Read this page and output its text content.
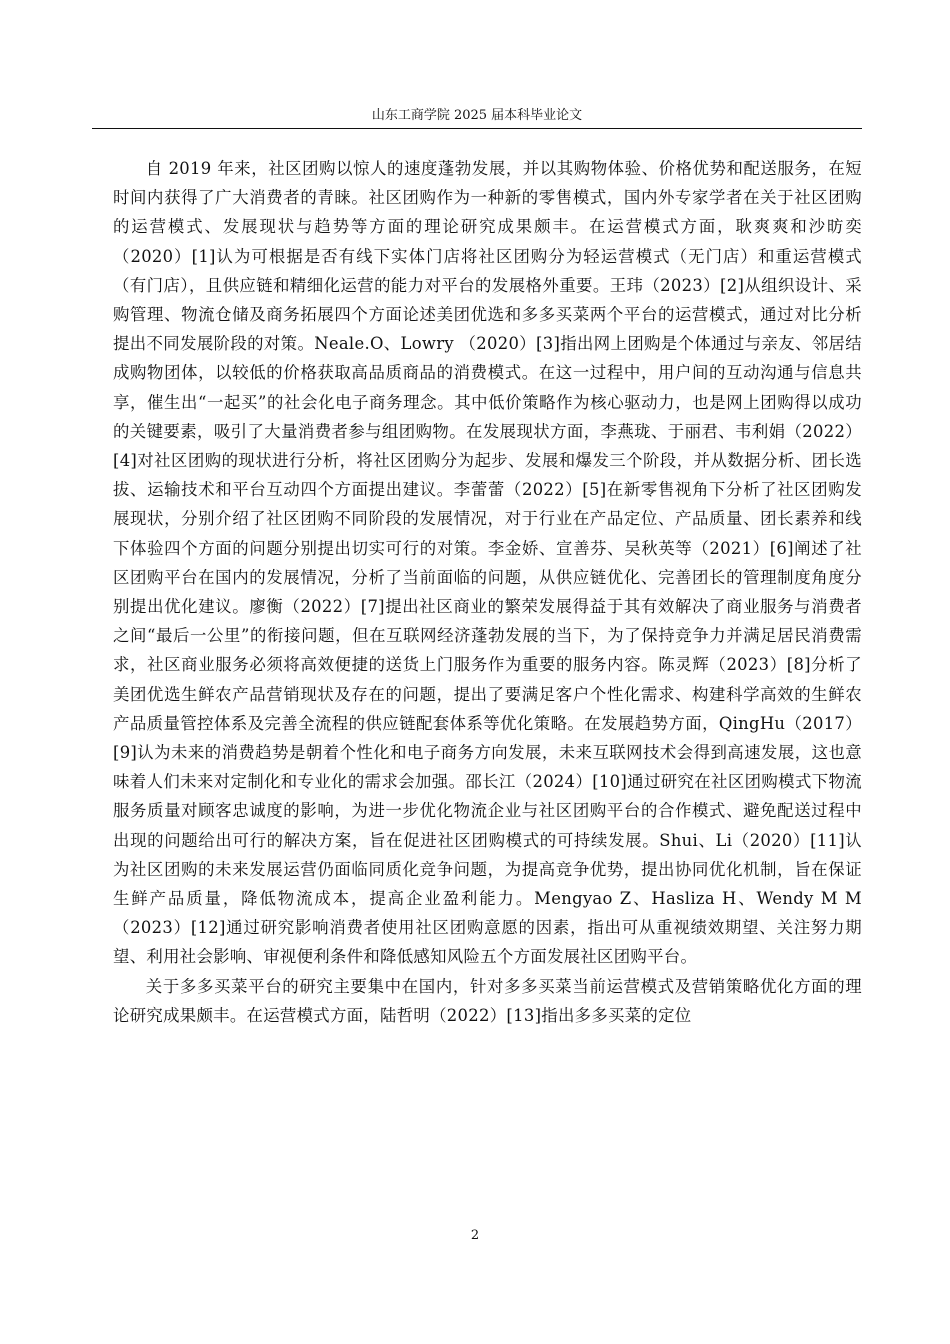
山东工商学院 2025 届本科毕业论文

自 2019 年来，社区团购以惊人的速度蓬勃发展，并以其购物体验、价格优势和配送服务，在短时间内获得了广大消费者的青睐。社区团购作为一种新的零售模式，国内外专家学者在关于社区团购的运营模式、发展现状与趋势等方面的理论研究成果颇丰。在运营模式方面，耿爽爽和沙昉奕（2020）[1]认为可根据是否有线下实体门店将社区团购分为轻运营模式（无门店）和重运营模式（有门店），且供应链和精细化运营的能力对平台的发展格外重要。王玮（2023）[2]从组织设计、采购管理、物流仓储及商务拓展四个方面论述美团优选和多多买菜两个平台的运营模式，通过对比分析提出不同发展阶段的对策。Neale.O、Lowry （2020）[3]指出网上团购是个体通过与亲友、邻居结成购物团体，以较低的价格获取高品质商品的消费模式。在这一过程中，用户间的互动沟通与信息共享，催生出“一起买”的社会化电子商务理念。其中低价策略作为核心驱动力，也是网上团购得以成功的关键要素，吸引了大量消费者参与组团购物。在发展现状方面，李燕珑、于丽君、韦利娟（2022）[4]对社区团购的现状进行分析，将社区团购分为起步、发展和爆发三个阶段，并从数据分析、团长选拔、运输技术和平台互动四个方面提出建议。李蕾蕾（2022）[5]在新零售视角下分析了社区团购发展现状，分别介绍了社区团购不同阶段的发展情况，对于行业在产品定位、产品质量、团长素养和线下体验四个方面的问题分别提出切实可行的对策。李金娇、宣善芬、吴秋英等（2021）[6]阐述了社区团购平台在国内的发展情况，分析了当前面临的问题，从供应链优化、完善团长的管理制度角度分别提出优化建议。廖衡（2022）[7]提出社区商业的繁荣发展得益于其有效解决了商业服务与消费者之间“最后一公里”的衔接问题，但在互联网经济蓬勃发展的当下，为了保持竞争力并满足居民消费需求，社区商业服务必须将高效便捷的送货上门服务作为重要的服务内容。陈灵辉（2023）[8]分析了美团优选生鲜农产品营销现状及存在的问题，提出了要满足客户个性化需求、构建科学高效的生鲜农产品质量管控体系及完善全流程的供应链配套体系等优化策略。在发展趋势方面，QingHu（2017）[9]认为未来的消费趋势是朝着个性化和电子商务方向发展，未来互联网技术会得到高速发展，这也意味着人们未来对定制化和专业化的需求会加强。邵长江（2024）[10]通过研究在社区团购模式下物流服务质量对顾客忠诚度的影响，为进一步优化物流企业与社区团购平台的合作模式、避免配送过程中出现的问题给出可行的解决方案，旨在促进社区团购模式的可持续发展。Shui、Li（2020）[11]认为社区团购的未来发展运营仍面临同质化竞争问题，为提高竞争优势，提出协同优化机制，旨在保证生鲜产品质量，降低物流成本，提高企业盈利能力。Mengyao Z、Hasliza H、Wendy M M（2023）[12]通过研究影响消费者使用社区团购意愿的因素，指出可从重视绩效期望、关注努力期望、利用社会影响、审视便利条件和降低感知风险五个方面发展社区团购平台。

关于多多买菜平台的研究主要集中在国内，针对多多买菜当前运营模式及营销策略优化方面的理论研究成果颇丰。在运营模式方面，陆哲明（2022）[13]指出多多买菜的定位

2
